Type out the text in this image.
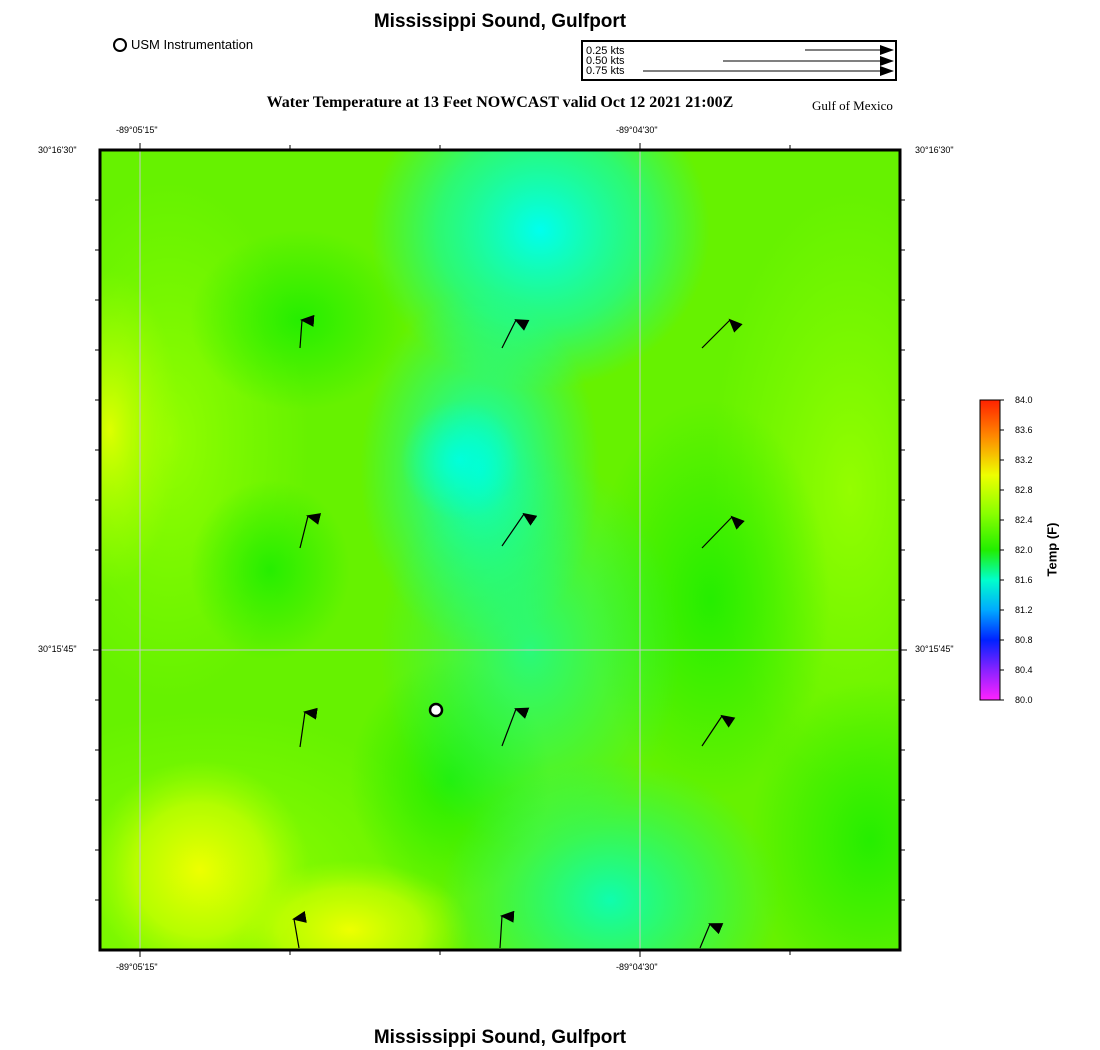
Mississippi Sound, Gulfport
USM Instrumentation	0.25 kts
0.50 kts
0.75 kts
Water Temperature at 13 Feet NOWCAST valid Oct 12 2021 21:00Z	Gulf of Mexico
-89°05'15"	-89°04'30"
-89°05'15"	-89°04'30"
30°16'30"
30°15'45"
30°16'30"
30°15'45"
84.0
83.6
83.2
82.8
82.4
82.0
81.6
81.2
80.8
80.4
80.0
Temp (F)
Mississippi Sound, Gulfport
